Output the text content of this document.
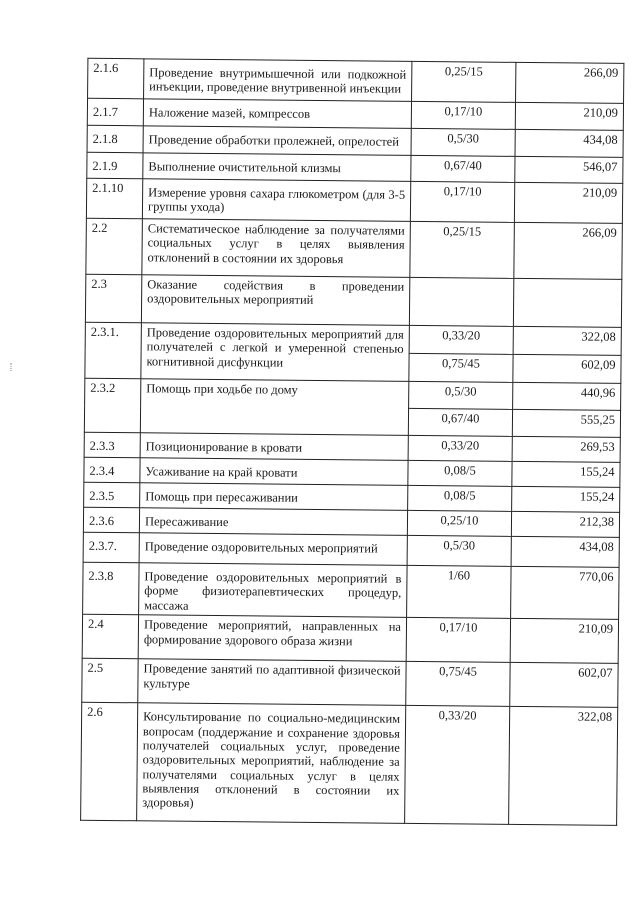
2.1.6	Проведение внутримышечной или подкожной инъекции, проведение внутривенной инъекции	0,25/15	266,09
2.1.7	Наложение мазей, компрессов	0,17/10	210,09
2.1.8	Проведение обработки пролежней, опрелостей	0,5/30	434,08
2.1.9	Выполнение очистительной клизмы	0,67/40	546,07
2.1.10	Измерение уровня сахара глюкометром (для 3-5 группы ухода)	0,17/10	210,09
2.2	Систематическое наблюдение за получателями социальных услуг в целях выявления отклонений в состоянии их здоровья	0,25/15	266,09
2.3	Оказание содействия в проведении оздоровительных мероприятий		
2.3.1.	Проведение оздоровительных мероприятий для получателей с легкой и умеренной степенью когнитивной дисфункции	0,33/20	322,08
		0,75/45	602,09
2.3.2	Помощь при ходьбе по дому	0,5/30	440,96
		0,67/40	555,25
2.3.3	Позиционирование в кровати	0,33/20	269,53
2.3.4	Усаживание на край кровати	0,08/5	155,24
2.3.5	Помощь при пересаживании	0,08/5	155,24
2.3.6	Пересаживание	0,25/10	212,38
2.3.7.	Проведение оздоровительных мероприятий	0,5/30	434,08
2.3.8	Проведение оздоровительных мероприятий в форме физиотерапевтических процедур, массажа	1/60	770,06
2.4	Проведение мероприятий, направленных на формирование здорового образа жизни	0,17/10	210,09
2.5	Проведение занятий по адаптивной физической культуре	0,75/45	602,07
2.6	Консультирование по социально-медицинским вопросам (поддержание и сохранение здоровья получателей социальных услуг, проведение оздоровительных мероприятий, наблюдение за получателями социальных услуг в целях выявления отклонений в состоянии их здоровья)	0,33/20	322,08
